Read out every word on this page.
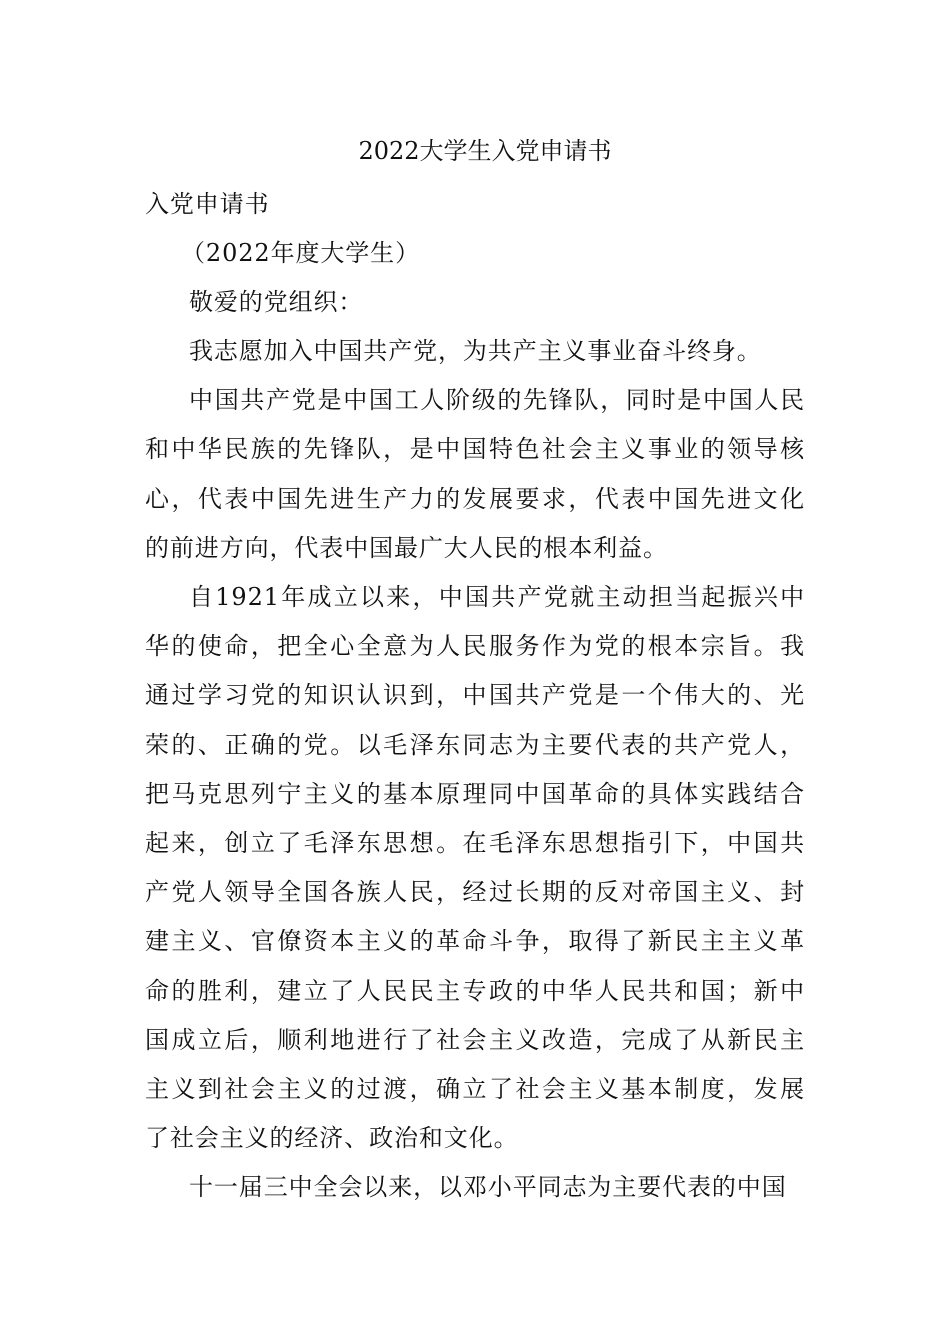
2022大学生入党申请书

入党申请书

（2022年度大学生）

敬爱的党组织：

我志愿加入中国共产党，为共产主义事业奋斗终身。

中国共产党是中国工人阶级的先锋队，同时是中国人民
和中华民族的先锋队，是中国特色社会主义事业的领导核
心，代表中国先进生产力的发展要求，代表中国先进文化
的前进方向，代表中国最广大人民的根本利益。

自1921年成立以来，中国共产党就主动担当起振兴中
华的使命，把全心全意为人民服务作为党的根本宗旨。我
通过学习党的知识认识到，中国共产党是一个伟大的、光
荣的、正确的党。以毛泽东同志为主要代表的共产党人，
把马克思列宁主义的基本原理同中国革命的具体实践结合
起来，创立了毛泽东思想。在毛泽东思想指引下，中国共
产党人领导全国各族人民，经过长期的反对帝国主义、封
建主义、官僚资本主义的革命斗争，取得了新民主主义革
命的胜利，建立了人民民主专政的中华人民共和国；新中
国成立后，顺利地进行了社会主义改造，完成了从新民主
主义到社会主义的过渡，确立了社会主义基本制度，发展
了社会主义的经济、政治和文化。

十一届三中全会以来，以邓小平同志为主要代表的中国
